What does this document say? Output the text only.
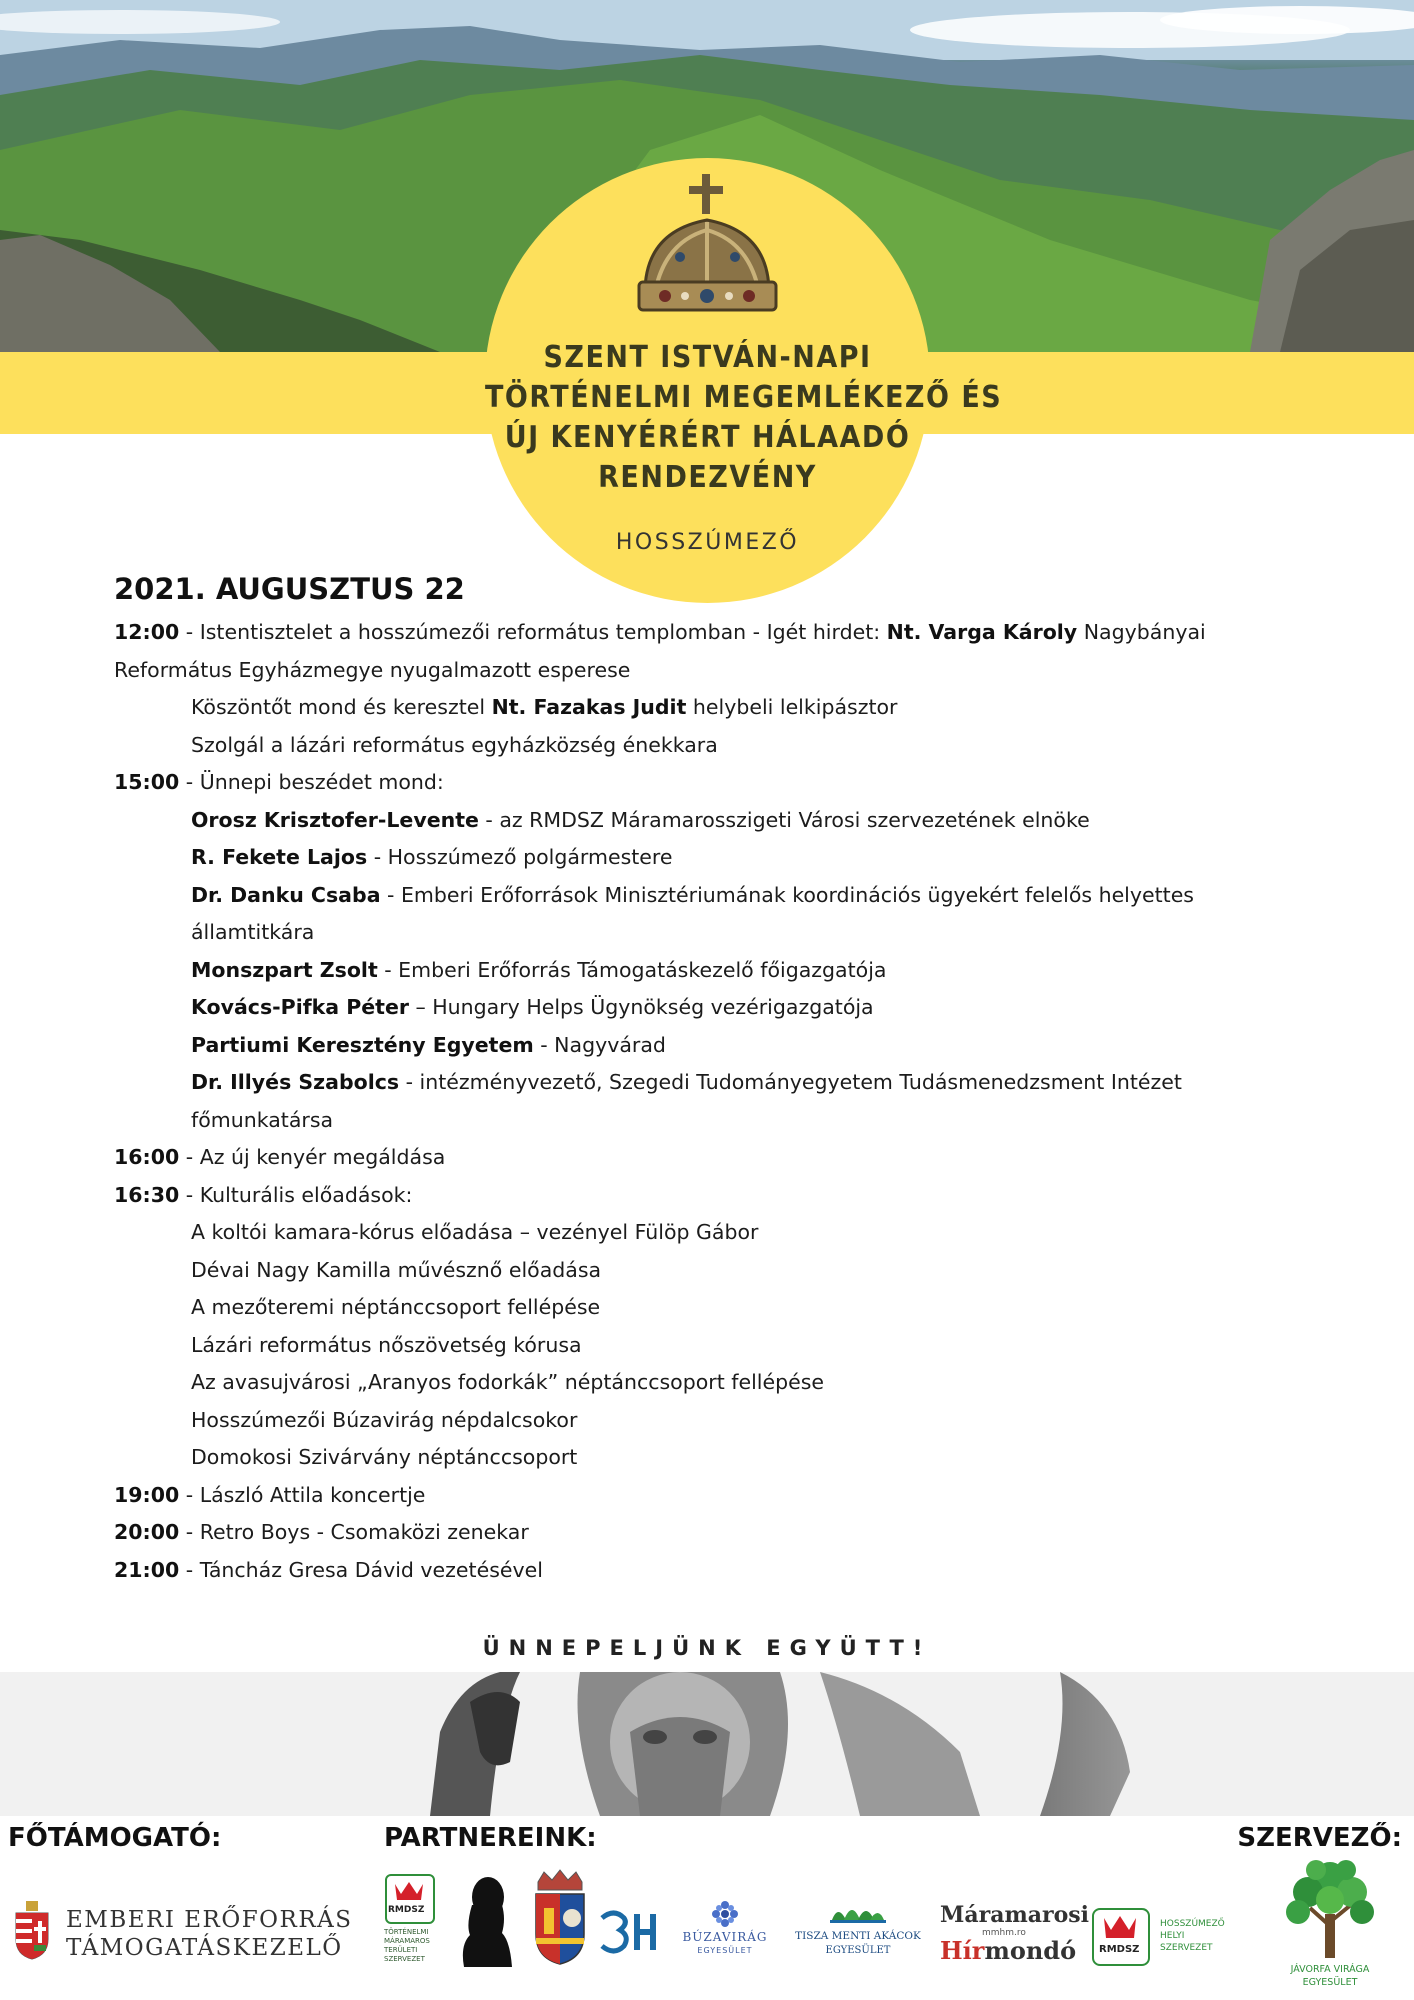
SZENT ISTVÁN-NAPI
TÖRTÉNELMI MEGEMLÉKEZŐ ÉS
ÚJ KENYÉRÉRT HÁLAADÓ
RENDEZVÉNY
HOSSZÚMEZŐ
2021. AUGUSZTUS 22
12:00 - Istentisztelet a hosszúmezői református templomban - Igét hirdet: Nt. Varga Károly Nagybányai
Református Egyházmegye nyugalmazott esperese
Köszöntőt mond és keresztel Nt. Fazakas Judit helybeli lelkipásztor
Szolgál a lázári református egyházközség énekkara
15:00 - Ünnepi beszédet mond:
Orosz Krisztofer-Levente - az RMDSZ Máramarosszigeti Városi szervezetének elnöke
R. Fekete Lajos - Hosszúmező polgármestere
Dr. Danku Csaba - Emberi Erőforrások Minisztériumának koordinációs ügyekért felelős helyettes
államtitkára
Monszpart Zsolt - Emberi Erőforrás Támogatáskezelő főigazgatója
Kovács-Pifka Péter – Hungary Helps Ügynökség vezérigazgatója
Partiumi Keresztény Egyetem - Nagyvárad
Dr. Illyés Szabolcs - intézményvezető, Szegedi Tudományegyetem Tudásmenedzsment Intézet
főmunkatársa
16:00 - Az új kenyér megáldása
16:30 - Kulturális előadások:
A koltói kamara-kórus előadása – vezényel Fülöp Gábor
Dévai Nagy Kamilla művésznő előadása
A mezőteremi néptánccsoport fellépése
Lázári református nőszövetség kórusa
Az avasujvárosi „Aranyos fodorkák” néptánccsoport fellépése
Hosszúmezői Búzavirág népdalcsokor
Domokosi Szivárvány néptánccsoport
19:00 - László Attila koncertje
20:00 - Retro Boys - Csomaközi zenekar
21:00 - Táncház Gresa Dávid vezetésével
ÜNNEPELJÜNK EGYÜTT!
FŐTÁMOGATÓ:	PARTNEREINK:	SZERVEZŐ:
EMBERI ERŐFORRÁS
TÁMOGATÁSKEZELŐ
RMDSZ
TÖRTÉNELMI
MÁRAMAROS
TERÜLETI
SZERVEZET
BÚZAVIRÁG
EGYESÜLET
TISZA MENTI AKÁCOK
EGYESÜLET
Máramarosi
mmhm.ro
Hírmondó RMDSZ
HOSSZÚMEZŐ
HELYI
SZERVEZET
JÁVORFA VIRÁGA
EGYESÜLET
